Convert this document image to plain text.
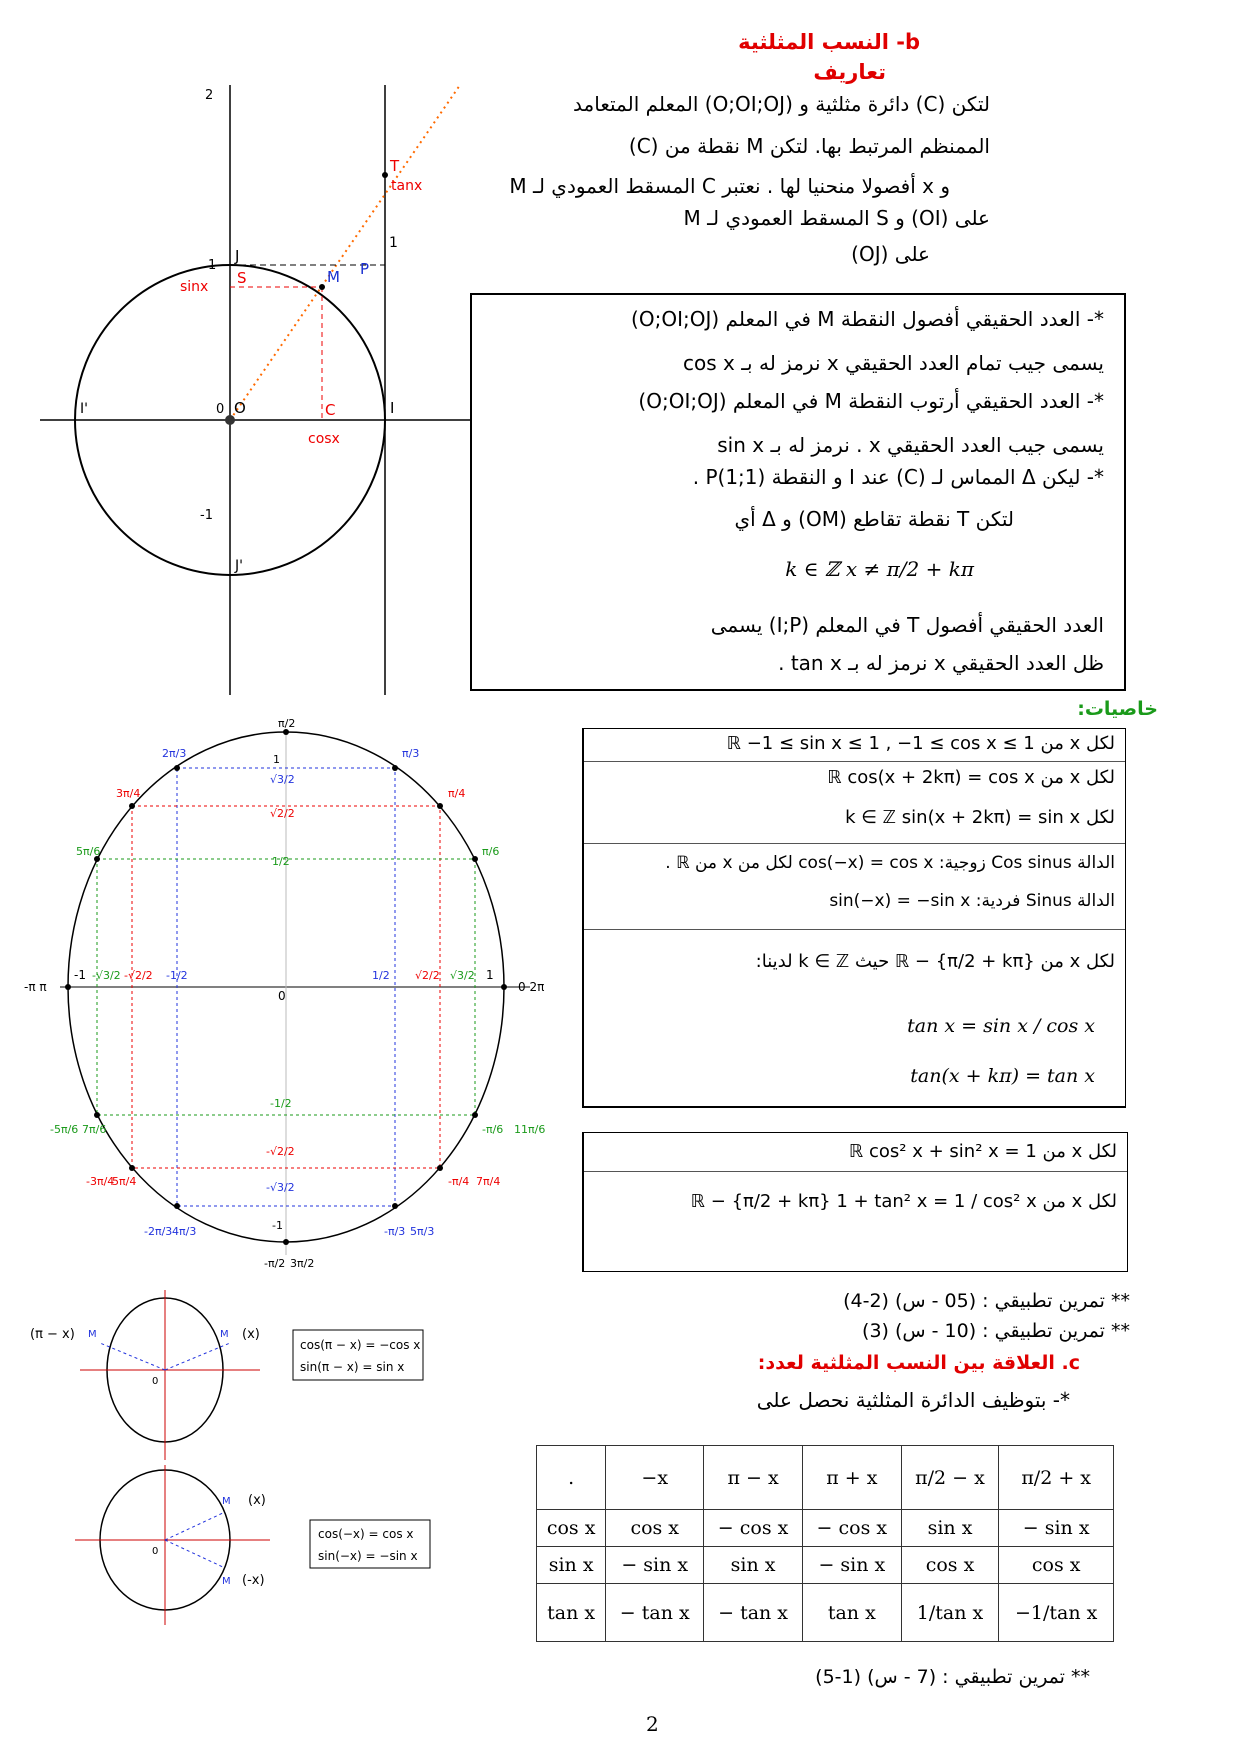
b- النسب المثلثية
تعاريف
لتكن (C) دائرة مثلثية و (O;OI;OJ) المعلم المتعامد
الممنظم المرتبط بها. لتكن M نقطة من (C)
و x أفصولا منحنيا لها . نعتبر C المسقط العمودي لـ M
على (OI) و S المسقط العمودي لـ M
على (OJ)
*- العدد الحقيقي أفصول النقطة M في المعلم (O;OI;OJ)
يسمى جيب تمام العدد الحقيقي x نرمز له بـ cos x
*- العدد الحقيقي أرتوب النقطة M في المعلم (O;OI;OJ)
يسمى جيب العدد الحقيقي x . نرمز له بـ sin x
*- ليكن Δ المماس لـ (C) عند I و النقطة P(1;1) .
لتكن T نقطة تقاطع (OM) و Δ أي
k ∈ ℤ x ≠ π/2 + kπ
العدد الحقيقي أفصول T في المعلم (I;P) يسمى
ظل العدد الحقيقي x نرمز له بـ tan x .
2
1
-1
0
J
S	M P
T
tanx
sinx
I'	O	C	I
cosx
J'
1
خاصيات:
لكل x من ℝ −1 ≤ sin x ≤ 1 , −1 ≤ cos x ≤ 1
لكل x من ℝ cos(x + 2kπ) = cos x
لكل k ∈ ℤ sin(x + 2kπ) = sin x
الدالة Cos sinus زوجية: cos(−x) = cos x لكل من x من ℝ .
الدالة Sinus فردية: sin(−x) = −sin x
لكل x من ℝ − {π/2 + kπ} حيث k ∈ ℤ لدينا:
tan x = sin x / cos x
tan(x + kπ) = tan x
لكل x من ℝ cos² x + sin² x = 1
لكل x من ℝ − {π/2 + kπ} 1 + tan² x = 1 / cos² x
π/2
1
√3/2
√2/2
1/2
2π/3	π/3
3π/4	π/4
5π/6	π/6
-π π
-1 -√3/2 -√2/2 -1/2
0
1/2 √2/2 √3/2 1
0 2π
-1/2
-√2/2
-√3/2
-1
-5π/6 7π/6	-π/6 11π/6
-3π/4
5π/4	-π/4 7π/4
-2π/3 4π/3	-π/3 5π/3
-π/2 3π/2
** تمرين تطبيقي : (05 - س) (2-4)
** تمرين تطبيقي : (10 - س) (3)
c. العلاقة بين النسب المثلثية لعدد:
*- بتوظيف الدائرة المثلثية نحصل على
(π − x) M	M (x)
0
cos(π − x) = −cos x
sin(π − x) = sin x
M (x)
M (-x)
0
cos(−x) = cos x
sin(−x) = −sin x
.	−x	π − x	π + x	π/2 − x	π/2 + x
cos x	cos x	− cos x	− cos x	sin x	− sin x
sin x	− sin x	sin x	− sin x	cos x	cos x
tan x	− tan x	− tan x	tan x	1/tan x	−1/tan x
** تمرين تطبيقي : (7 - س) (1-5)
2
